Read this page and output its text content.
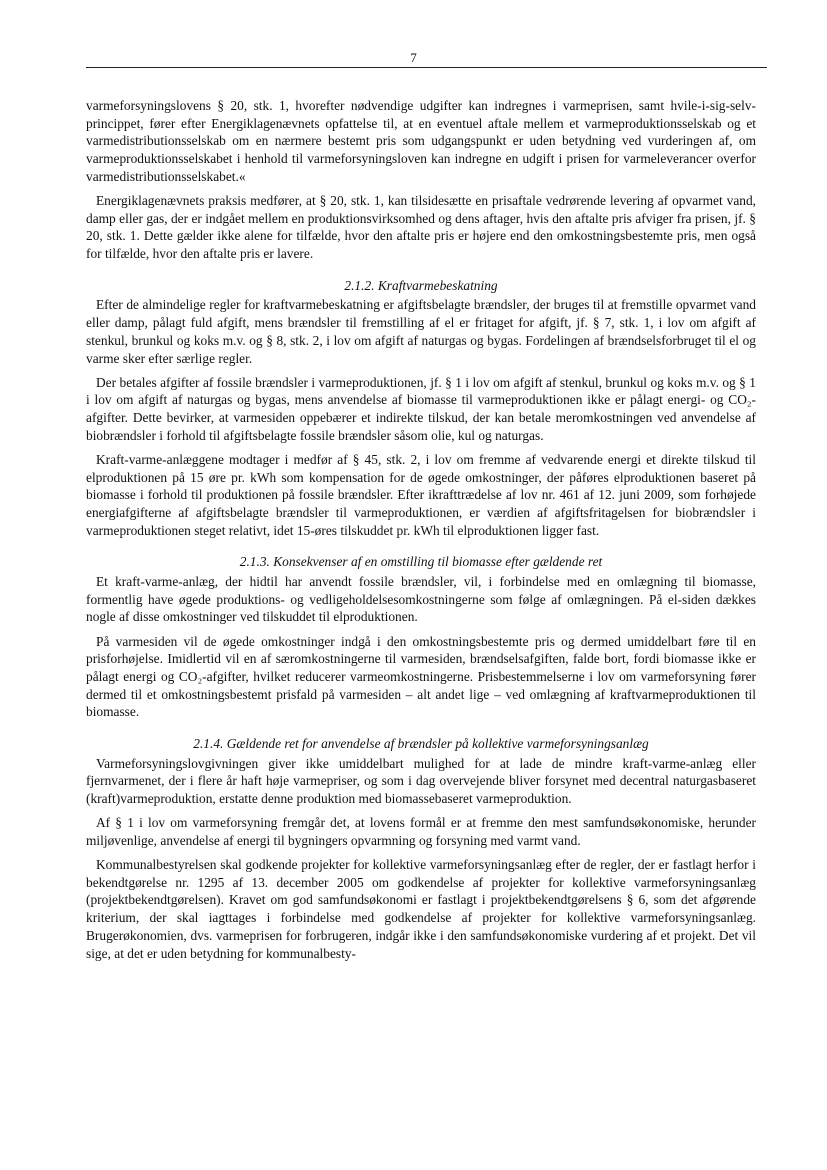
7

varmeforsyningslovens § 20, stk. 1, hvorefter nødvendige udgifter kan indregnes i varmeprisen, samt hvile-i-sig-selv-princippet, fører efter Energiklagenævnets opfattelse til, at en eventuel aftale mellem et varmeproduktionsselskab og et varmedistributionsselskab om en nærmere bestemt pris som udgangspunkt er uden betydning ved vurderingen af, om varmeproduktionsselskabet i henhold til varmeforsyningsloven kan indregne en udgift i prisen for varmeleverancer overfor varmedistributionsselskabet.«

Energiklagenævnets praksis medfører, at § 20, stk. 1, kan tilsidesætte en prisaftale vedrørende levering af opvarmet vand, damp eller gas, der er indgået mellem en produktionsvirksomhed og dens aftager, hvis den aftalte pris afviger fra prisen, jf. § 20, stk. 1. Dette gælder ikke alene for tilfælde, hvor den aftalte pris er højere end den omkostningsbestemte pris, men også for tilfælde, hvor den aftalte pris er lavere.

2.1.2. Kraftvarmebeskatning

Efter de almindelige regler for kraftvarmebeskatning er afgiftsbelagte brændsler, der bruges til at fremstille opvarmet vand eller damp, pålagt fuld afgift, mens brændsler til fremstilling af el er fritaget for afgift, jf. § 7, stk. 1, i lov om afgift af stenkul, brunkul og koks m.v. og § 8, stk. 2, i lov om afgift af naturgas og bygas. Fordelingen af brændselsforbruget til el og varme sker efter særlige regler.

Der betales afgifter af fossile brændsler i varmeproduktionen, jf. § 1 i lov om afgift af stenkul, brunkul og koks m.v. og § 1 i lov om afgift af naturgas og bygas, mens anvendelse af biomasse til varmeproduktionen ikke er pålagt energi- og CO₂-afgifter. Dette bevirker, at varmesiden oppebærer et indirekte tilskud, der kan betale meromkostningen ved anvendelse af biobrændsler i forhold til afgiftsbelagte fossile brændsler såsom olie, kul og naturgas.

Kraft-varme-anlæggene modtager i medfør af § 45, stk. 2, i lov om fremme af vedvarende energi et direkte tilskud til elproduktionen på 15 øre pr. kWh som kompensation for de øgede omkostninger, der påføres elproduktionen baseret på biomasse i forhold til produktionen på fossile brændsler. Efter ikrafttrædelse af lov nr. 461 af 12. juni 2009, som forhøjede energiafgifterne af afgiftsbelagte brændsler til varmeproduktionen, er værdien af afgiftsfritagelsen for biobrændsler i varmeproduktionen steget relativt, idet 15-øres tilskuddet pr. kWh til elproduktionen ligger fast.

2.1.3. Konsekvenser af en omstilling til biomasse efter gældende ret

Et kraft-varme-anlæg, der hidtil har anvendt fossile brændsler, vil, i forbindelse med en omlægning til biomasse, formentlig have øgede produktions- og vedligeholdelsesomkostningerne som følge af omlægningen. På el-siden dækkes nogle af disse omkostninger ved tilskuddet til elproduktionen.

På varmesiden vil de øgede omkostninger indgå i den omkostningsbestemte pris og dermed umiddelbart føre til en prisforhøjelse. Imidlertid vil en af særomkostningerne til varmesiden, brændselsafgiften, falde bort, fordi biomasse ikke er pålagt energi og CO₂-afgifter, hvilket reducerer varmeomkostningerne. Prisbestemmelserne i lov om varmeforsyning fører dermed til et omkostningsbestemt prisfald på varmesiden – alt andet lige – ved omlægning af kraftvarmeproduktionen til biomasse.

2.1.4. Gældende ret for anvendelse af brændsler på kollektive varmeforsyningsanlæg

Varmeforsyningslovgivningen giver ikke umiddelbart mulighed for at lade de mindre kraft-varme-anlæg eller fjernvarmenet, der i flere år haft høje varmepriser, og som i dag overvejende bliver forsynet med decentral naturgasbaseret (kraft)varmeproduktion, erstatte denne produktion med biomassebaseret varmeproduktion.

Af § 1 i lov om varmeforsyning fremgår det, at lovens formål er at fremme den mest samfundsøkonomiske, herunder miljøvenlige, anvendelse af energi til bygningers opvarmning og forsyning med varmt vand.

Kommunalbestyrelsen skal godkende projekter for kollektive varmeforsyningsanlæg efter de regler, der er fastlagt herfor i bekendtgørelse nr. 1295 af 13. december 2005 om godkendelse af projekter for kollektive varmeforsyningsanlæg (projektbekendtgørelsen). Kravet om god samfundsøkonomi er fastlagt i projektbekendtgørelsens § 6, som det afgørende kriterium, der skal iagttages i forbindelse med godkendelse af projekter for kollektive varmeforsyningsanlæg. Brugerøkonomien, dvs. varmeprisen for forbrugeren, indgår ikke i den samfundsøkonomiske vurdering af et projekt. Det vil sige, at det er uden betydning for kommunalbesty-
